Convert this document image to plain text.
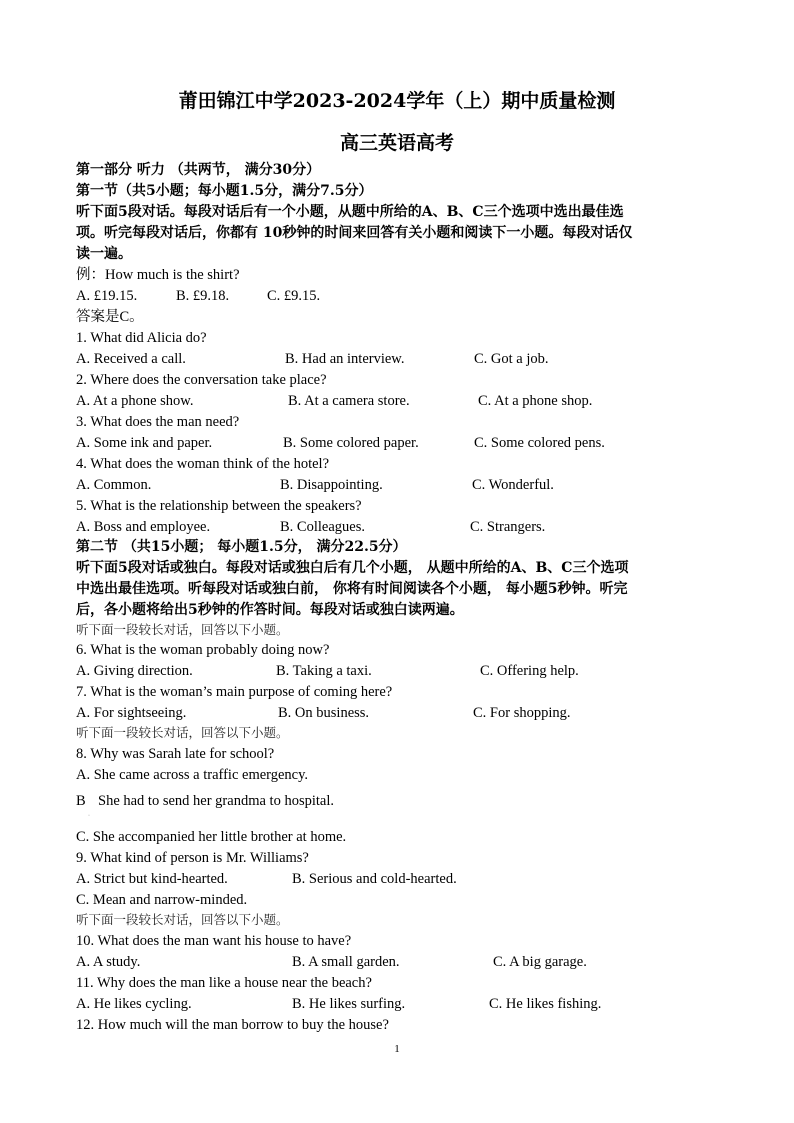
莆田锦江中学2023-2024学年（上）期中质量检测
高三英语高考
第一部分 听力 （共两节， 满分30分）
第一节（共5小题；每小题1.5分，满分7.5分）
听下面5段对话。每段对话后有一个小题，从题中所给的A、B、C三个选项中选出最佳选
项。听完每段对话后，你都有 10秒钟的时间来回答有关小题和阅读下一小题。每段对话仅
读一遍。
例：How much is the shirt?
A. £19.15.	B. £9.18.	C. £9.15.
答案是C。
1. What did Alicia do?
A. Received a call.	B. Had an interview.	C. Got a job.
2. Where does the conversation take place?
A. At a phone show.	B. At a camera store.	C. At a phone shop.
3. What does the man need?
A. Some ink and paper.	B. Some colored paper.	C. Some colored pens.
4. What does the woman think of the hotel?
A. Common.	B. Disappointing.	C. Wonderful.
5. What is the relationship between the speakers?
A. Boss and employee.	B. Colleagues.	C. Strangers.
第二节 （共15小题； 每小题1.5分， 满分22.5分）
听下面5段对话或独白。每段对话或独白后有几个小题， 从题中所给的A、B、C三个选项
中选出最佳选项。听每段对话或独白前， 你将有时间阅读各个小题， 每小题5秒钟。听完
后，各小题将给出5秒钟的作答时间。每段对话或独白读两遍。
听下面一段较长对话，回答以下小题。
6. What is the woman probably doing now?
A. Giving direction.	B. Taking a taxi.	C. Offering help.
7. What is the woman’s main purpose of coming here?
A. For sightseeing.	B. On business.	C. For shopping.
听下面一段较长对话，回答以下小题。
8. Why was Sarah late for school?
A. She came across a traffic emergency.
B She had to send her grandma to hospital.
·
C. She accompanied her little brother at home.
9. What kind of person is Mr. Williams?
A. Strict but kind-hearted.	B. Serious and cold-hearted.
C. Mean and narrow-minded.
听下面一段较长对话，回答以下小题。
10. What does the man want his house to have?
A. A study.	B. A small garden.	C. A big garage.
11. Why does the man like a house near the beach?
A. He likes cycling.	B. He likes surfing.	C. He likes fishing.
12. How much will the man borrow to buy the house?
1
